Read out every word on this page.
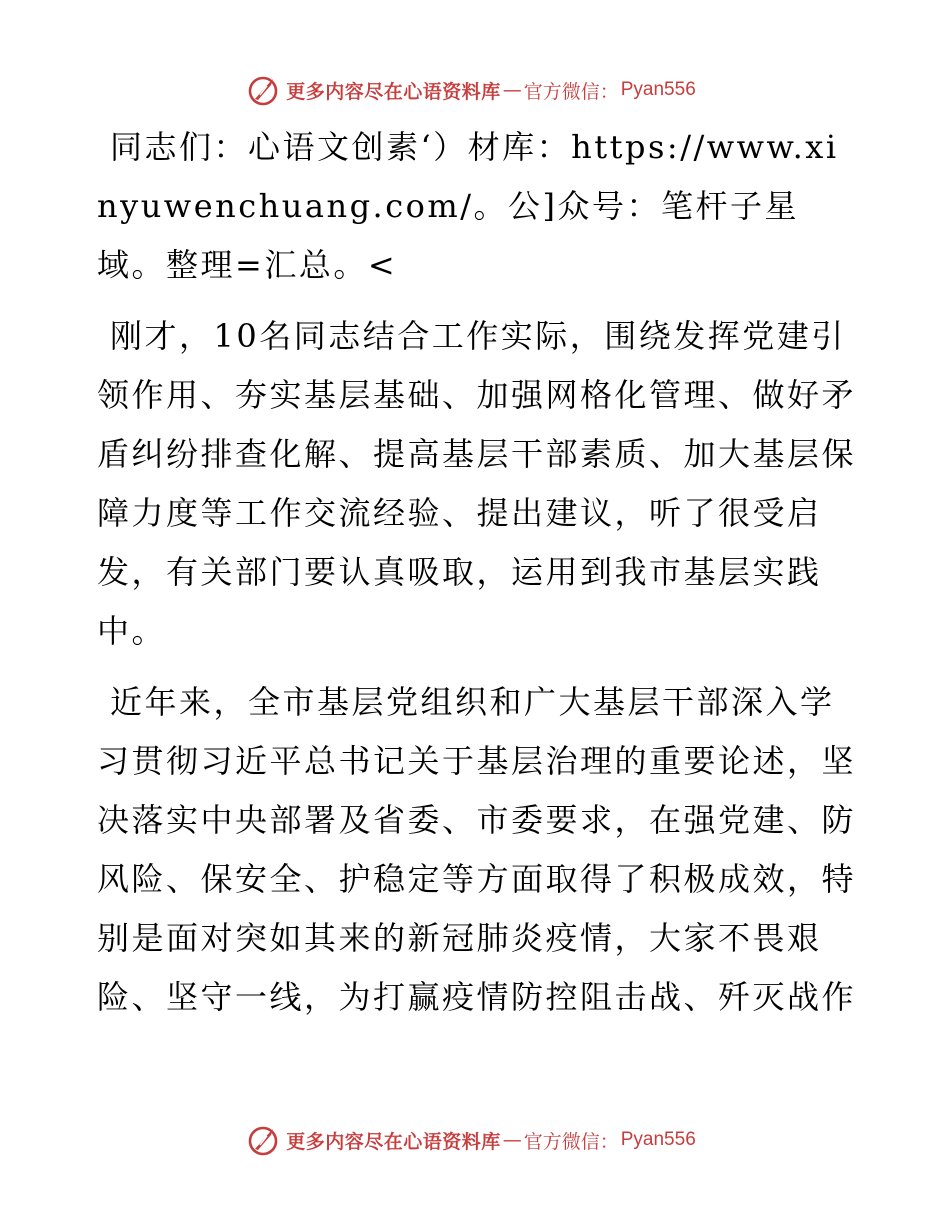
更多内容尽在心语资料库 — 官方微信： Pyan556

同志们：心语文创素‘）材库：https://www.xinyuwenchuang.com/。公]众号：笔杆子星域。整理=汇总。<

刚才，10名同志结合工作实际，围绕发挥党建引领作用、夯实基层基础、加强网格化管理、做好矛盾纠纷排查化解、提高基层干部素质、加大基层保障力度等工作交流经验、提出建议，听了很受启发，有关部门要认真吸取，运用到我市基层实践中。

近年来，全市基层党组织和广大基层干部深入学习贯彻习近平总书记关于基层治理的重要论述，坚决落实中央部署及省委、市委要求，在强党建、防风险、保安全、护稳定等方面取得了积极成效，特别是面对突如其来的新冠肺炎疫情，大家不畏艰险、坚守一线，为打赢疫情防控阻击战、歼灭战作

更多内容尽在心语资料库 — 官方微信： Pyan556
